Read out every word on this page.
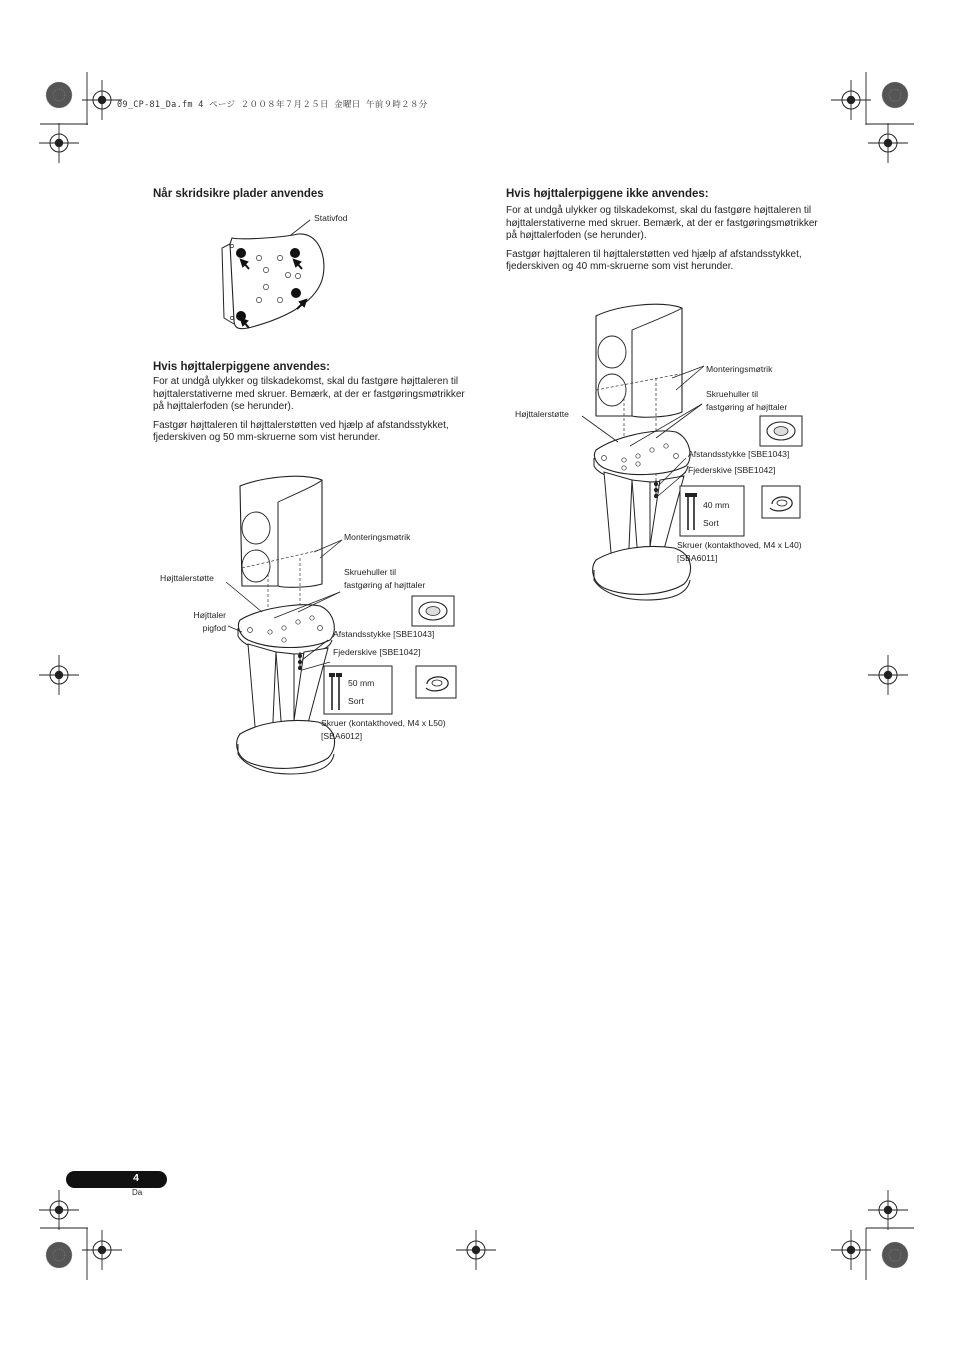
09_CP-81_Da.fm 4 ページ ２００８年７月２５日 金曜日 午前９時２８分
Når skridsikre plader anvendes
Stativfod
Hvis højttalerpiggene anvendes:

For at undgå ulykker og tilskadekomst, skal du fastgøre højttaleren til højttalerstativerne med skruer. Bemærk, at der er fastgøringsmøtrikker på højttalerfoden (se herunder).

Fastgør højttaleren til højttalerstøtten ved hjælp af afstandsstykket, fjederskiven og 50 mm-skruerne som vist herunder.

Monteringsmøtrik
Højttalerstøtte
Skruehuller til
fastgøring af højttaler
Højttaler
pigfod
Afstandsstykke [SBE1043]
Fjederskive [SBE1042]
50 mm
Sort
Skruer (kontakthoved, M4 x L50)
[SBA6012]
Hvis højttalerpiggene ikke anvendes:

For at undgå ulykker og tilskadekomst, skal du fastgøre højttaleren til højttalerstativerne med skruer. Bemærk, at der er fastgøringsmøtrikker på højttalerfoden (se herunder).

Fastgør højttaleren til højttalerstøtten ved hjælp af afstandsstykket, fjederskiven og 40 mm-skruerne som vist herunder.

Monteringsmøtrik
Skruehuller til
fastgøring af højttaler
Højttalerstøtte
Afstandsstykke [SBE1043]
Fjederskive [SBE1042]
40 mm
Sort
Skruer (kontakthoved, M4 x L40)
[SBA6011]
4
Da
